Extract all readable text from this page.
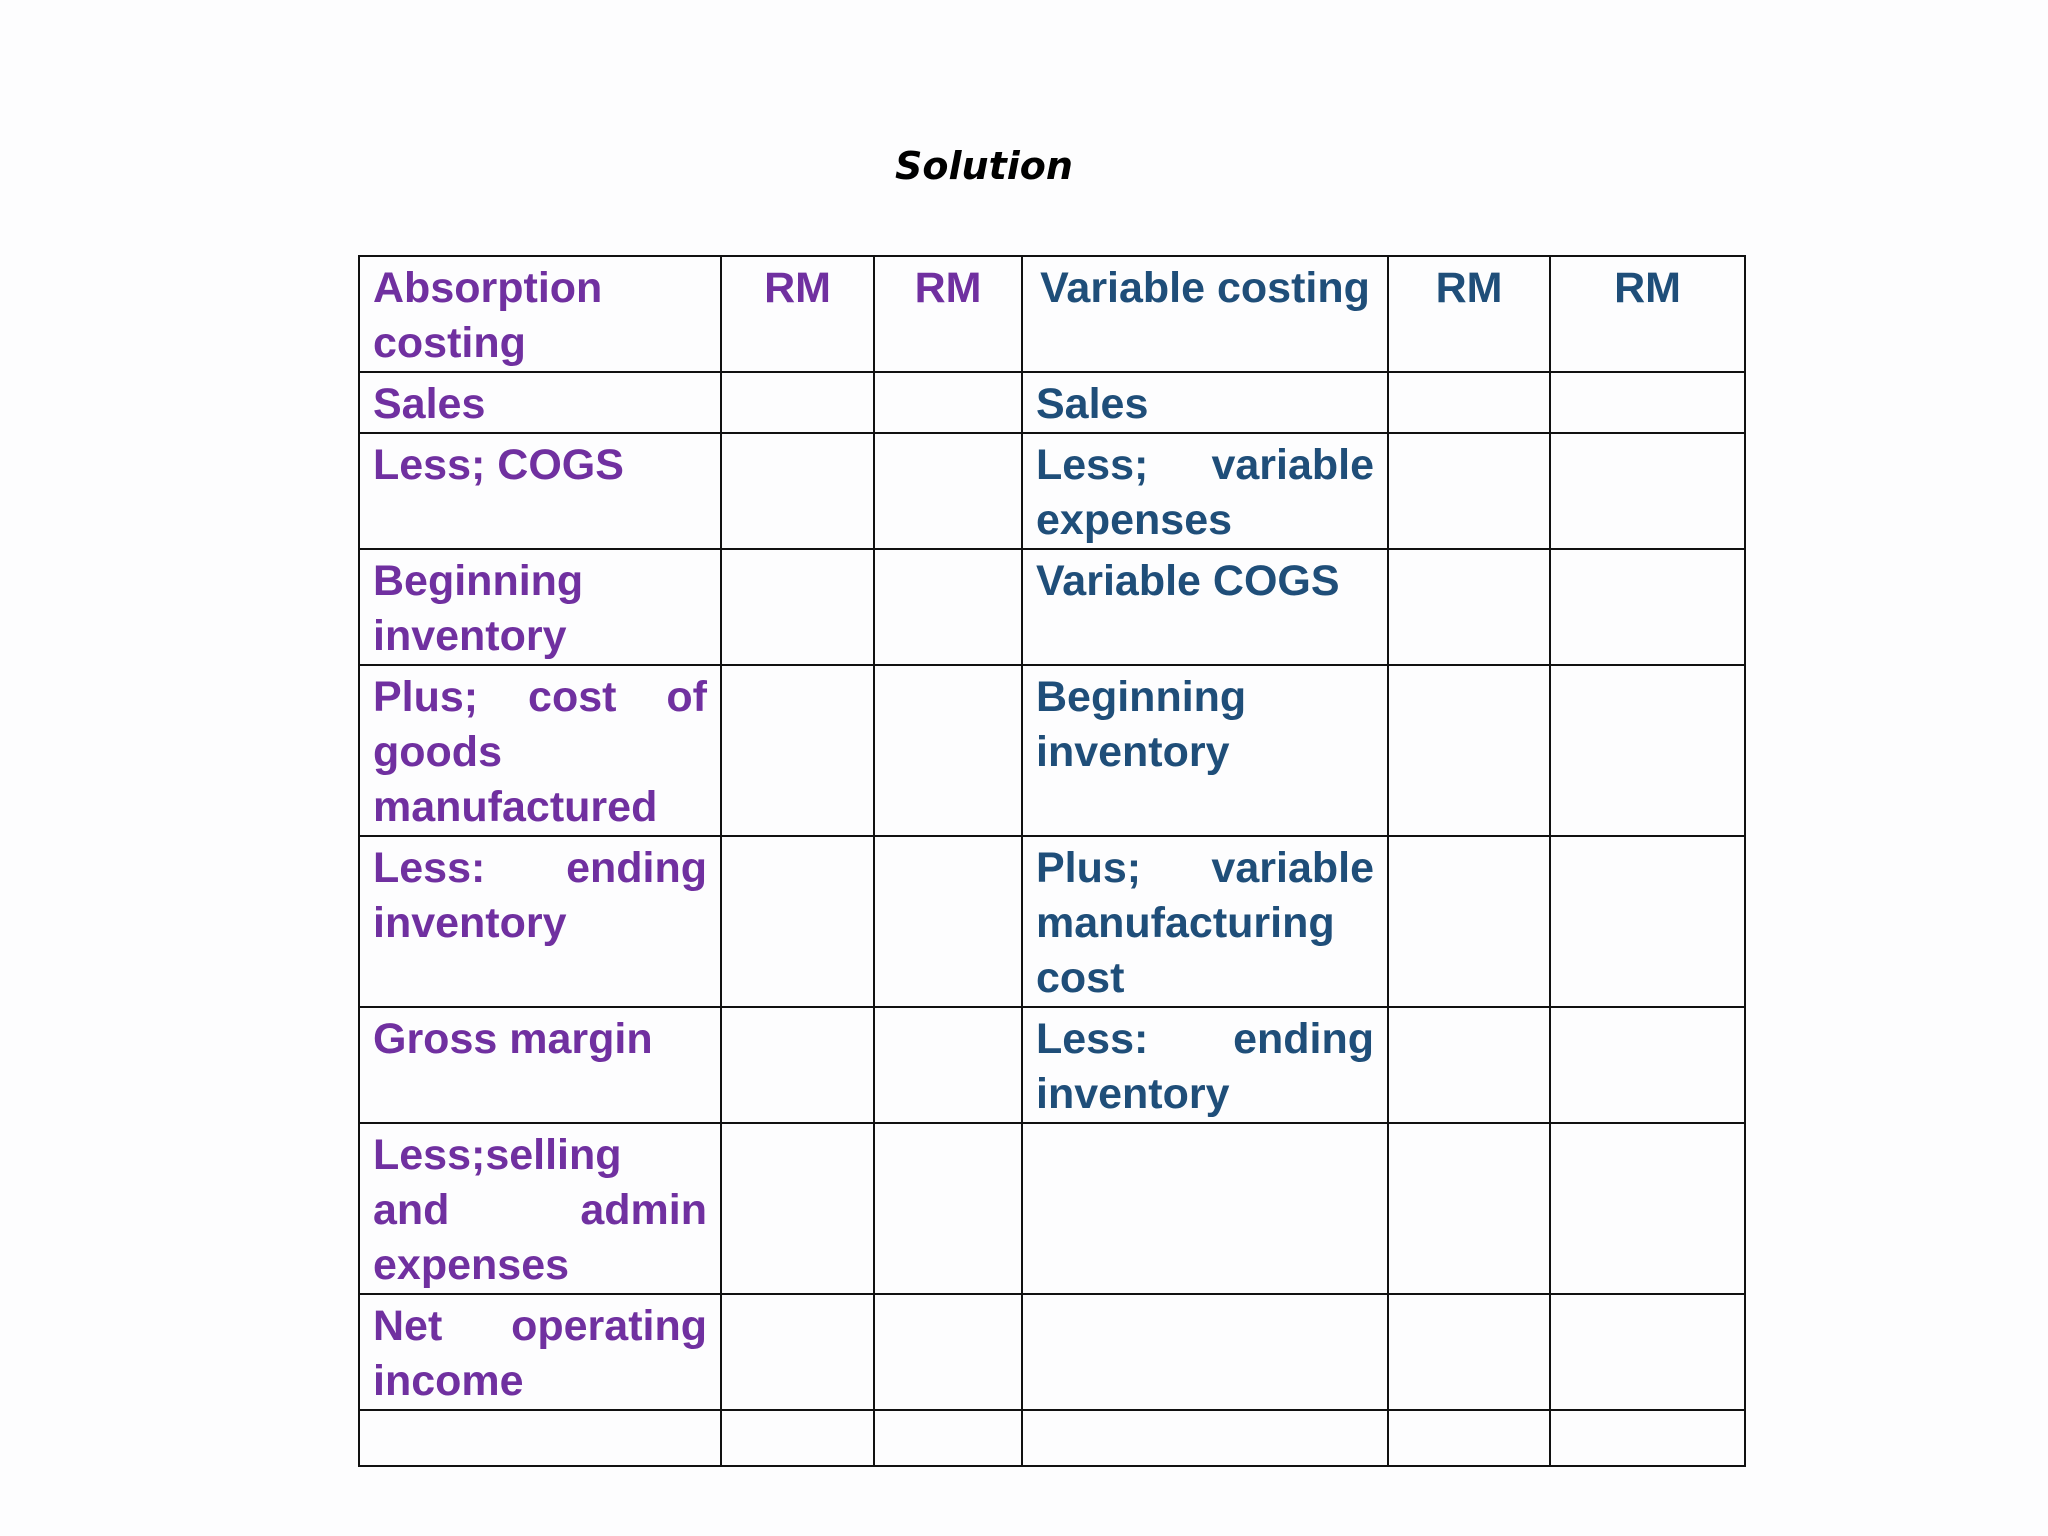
Solution
Absorption costing	RM	RM	Variable costing	RM	RM
Sales			Sales		
Less; COGS			Less; variable expenses		
Beginning inventory			Variable COGS		
Plus; cost of goods manufactured			Beginning inventory		
Less: ending inventory			Plus; variable manufacturing cost		
Gross margin			Less: ending inventory		
Less;selling and admin expenses					
Net operating income					
